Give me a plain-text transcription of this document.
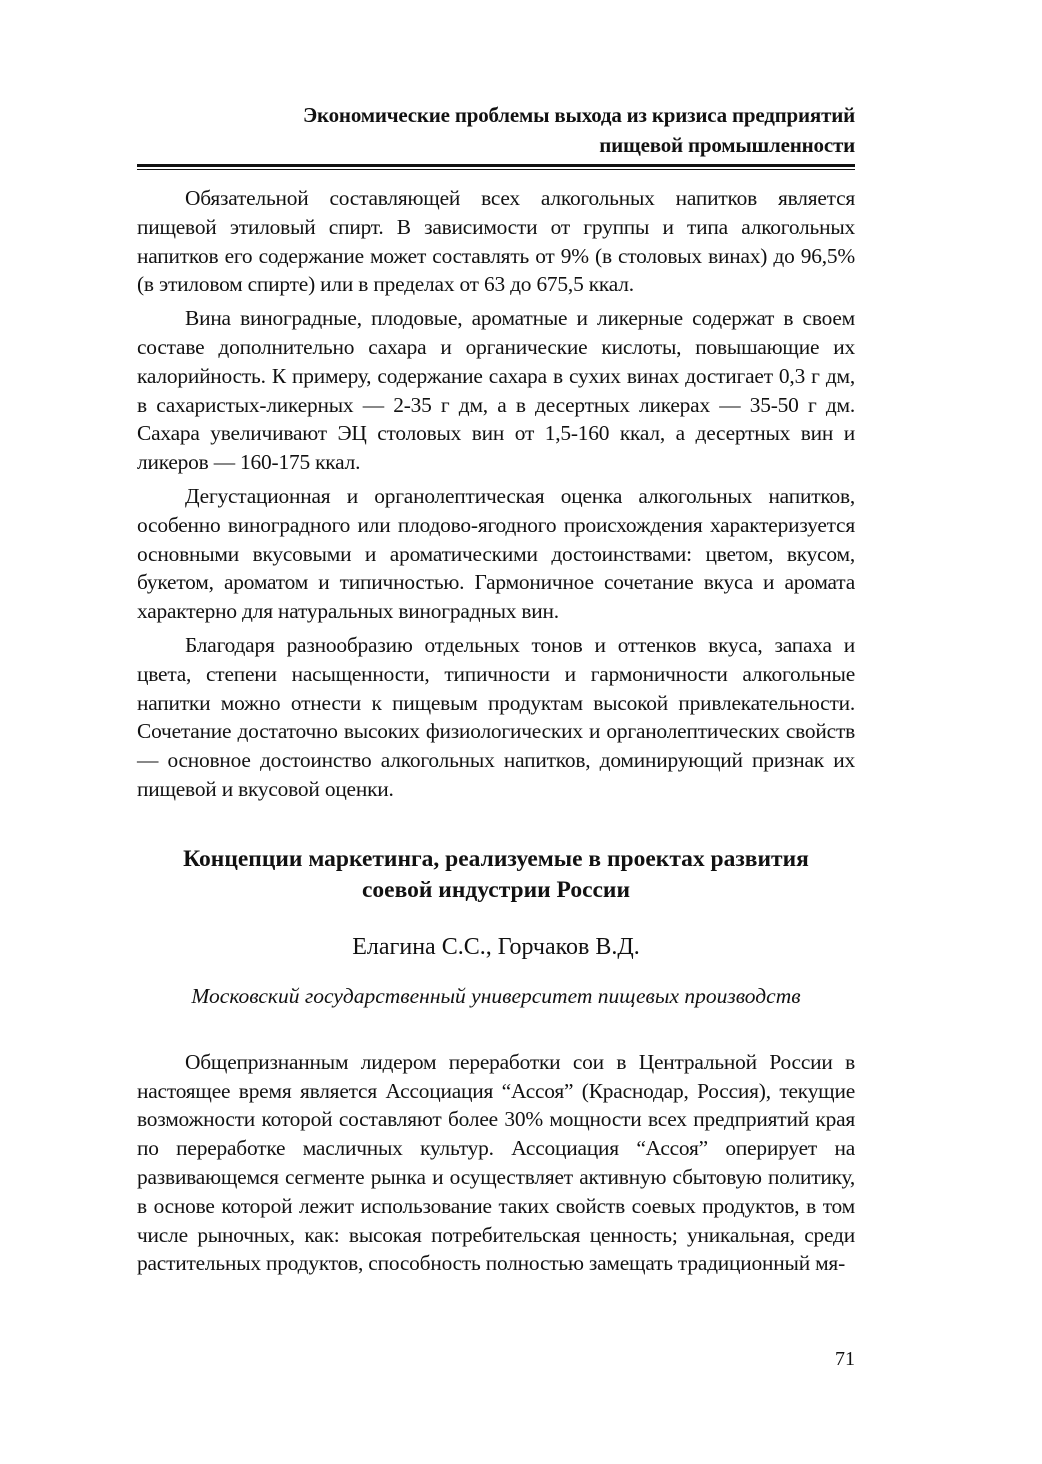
Экономические проблемы выхода из кризиса предприятий
пищевой промышленности

Обязательной составляющей всех алкогольных напитков является пищевой этиловый спирт. В зависимости от группы и типа алкогольных напитков его содержание может составлять от 9% (в столовых винах) до 96,5% (в этиловом спирте) или в пределах от 63 до 675,5 ккал.

Вина виноградные, плодовые, ароматные и ликерные содержат в своем составе дополнительно сахара и органические кислоты, повышающие их калорийность. К примеру, содержание сахара в сухих винах достигает 0,3 г дм, в сахаристых-ликерных — 2-35 г дм, а в десертных ликерах — 35-50 г дм. Сахара увеличивают ЭЦ столовых вин от 1,5-160 ккал, а десертных вин и ликеров — 160-175 ккал.

Дегустационная и органолептическая оценка алкогольных напитков, особенно виноградного или плодово-ягодного происхождения характеризуется основными вкусовыми и ароматическими достоинствами: цветом, вкусом, букетом, ароматом и типичностью. Гармоничное сочетание вкуса и аромата характерно для натуральных виноградных вин.

Благодаря разнообразию отдельных тонов и оттенков вкуса, запаха и цвета, степени насыщенности, типичности и гармоничности алкогольные напитки можно отнести к пищевым продуктам высокой привлекательности. Сочетание достаточно высоких физиологических и органолептических свойств — основное достоинство алкогольных напитков, доминирующий признак их пищевой и вкусовой оценки.

Концепции маркетинга, реализуемые в проектах развития
соевой индустрии России
Елагина С.С., Горчаков В.Д.
Московский государственный университет пищевых производств

Общепризнанным лидером переработки сои в Центральной России в настоящее время является Ассоциация “Ассоя” (Краснодар, Россия), текущие возможности которой составляют более 30% мощности всех предприятий края по переработке масличных культур. Ассоциация “Ассоя” оперирует на развивающемся сегменте рынка и осуществляет активную сбытовую политику, в основе которой лежит использование таких свойств соевых продуктов, в том числе рыночных, как: высокая потребительская ценность; уникальная, среди растительных продуктов, способность полностью замещать традиционный мя-

71
